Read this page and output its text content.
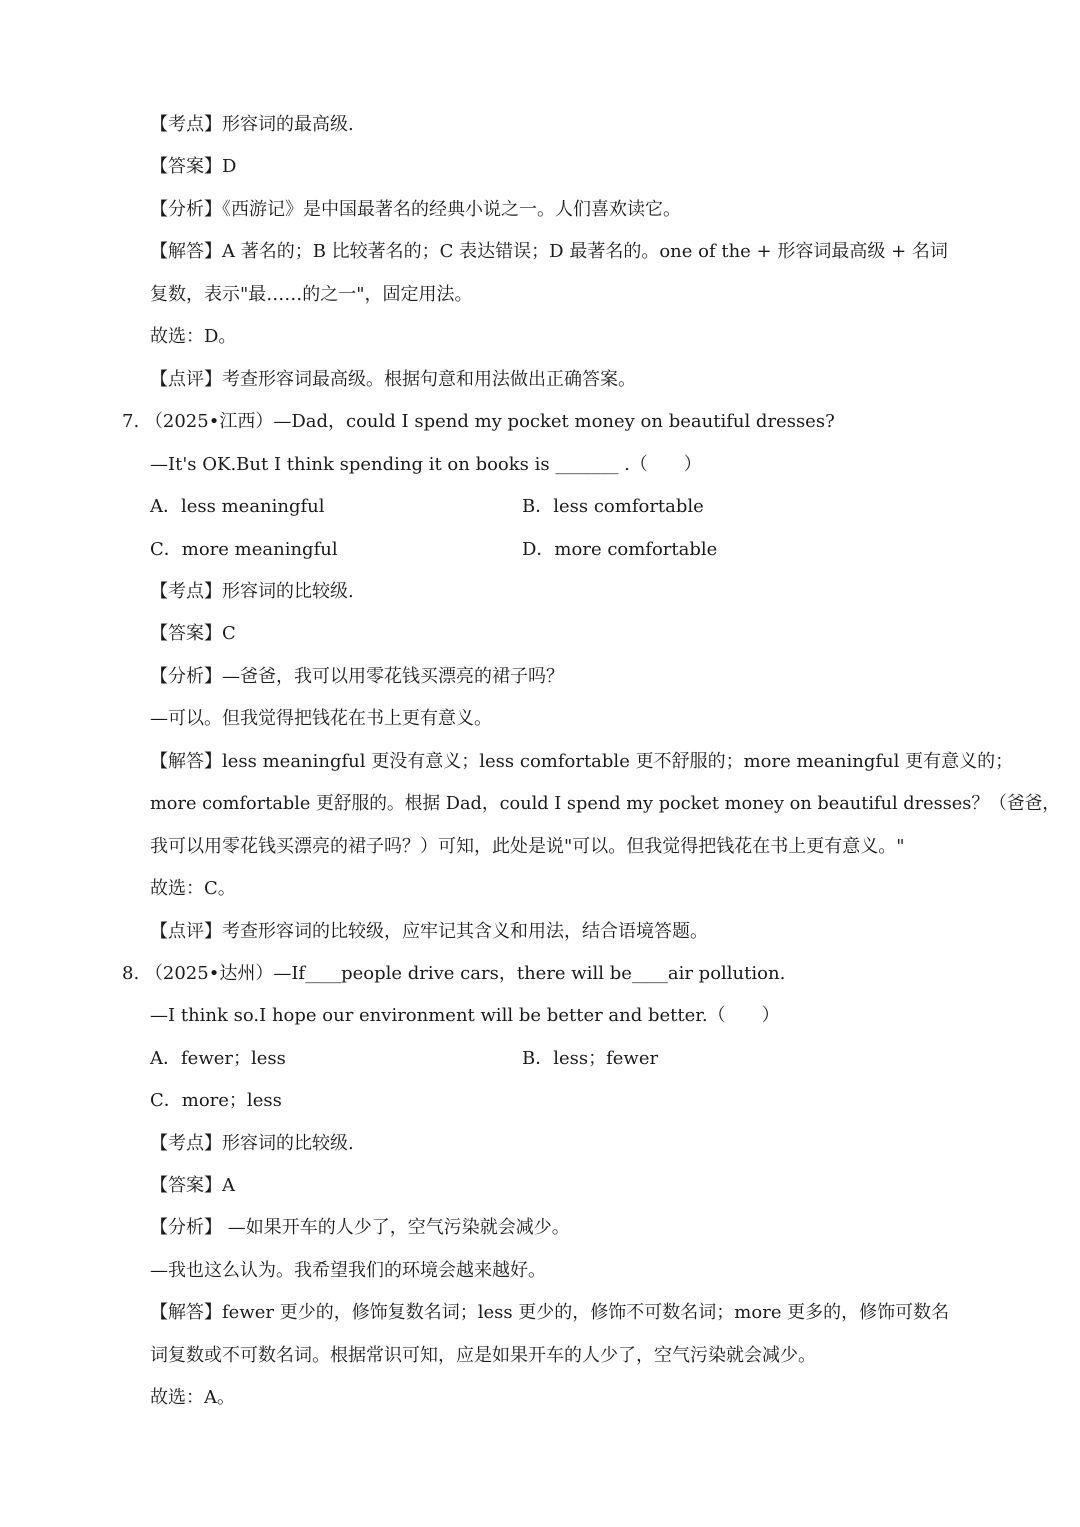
【考点】形容词的最高级.
【答案】D
【分析】《西游记》是中国最著名的经典小说之一。人们喜欢读它。
【解答】A 著名的；B 比较著名的；C 表达错误；D 最著名的。one of the + 形容词最高级 + 名词
复数，表示"最……的之一"，固定用法。
故选：D。
【点评】考查形容词最高级。根据句意和用法做出正确答案。
7. （2025•江西）—Dad，could I spend my pocket money on beautiful dresses?
—It's OK.But I think spending it on books is _______ .（　　）
A．less meaningful	B．less comfortable
C．more meaningful	D．more comfortable
【考点】形容词的比较级.
【答案】C
【分析】—爸爸，我可以用零花钱买漂亮的裙子吗？
—可以。但我觉得把钱花在书上更有意义。
【解答】less meaningful 更没有意义；less comfortable 更不舒服的；more meaningful 更有意义的；
more comfortable 更舒服的。根据 Dad，could I spend my pocket money on beautiful dresses？（爸爸，
我可以用零花钱买漂亮的裙子吗？）可知，此处是说"可以。但我觉得把钱花在书上更有意义。"
故选：C。
【点评】考查形容词的比较级，应牢记其含义和用法，结合语境答题。
8. （2025•达州）—If____people drive cars，there will be____air pollution.
—I think so.I hope our environment will be better and better.（　　）
A．fewer；less	B．less；fewer
C．more；less
【考点】形容词的比较级.
【答案】A
【分析】 —如果开车的人少了，空气污染就会减少。
—我也这么认为。我希望我们的环境会越来越好。
【解答】fewer 更少的，修饰复数名词；less 更少的，修饰不可数名词；more 更多的，修饰可数名
词复数或不可数名词。根据常识可知，应是如果开车的人少了，空气污染就会减少。
故选：A。
